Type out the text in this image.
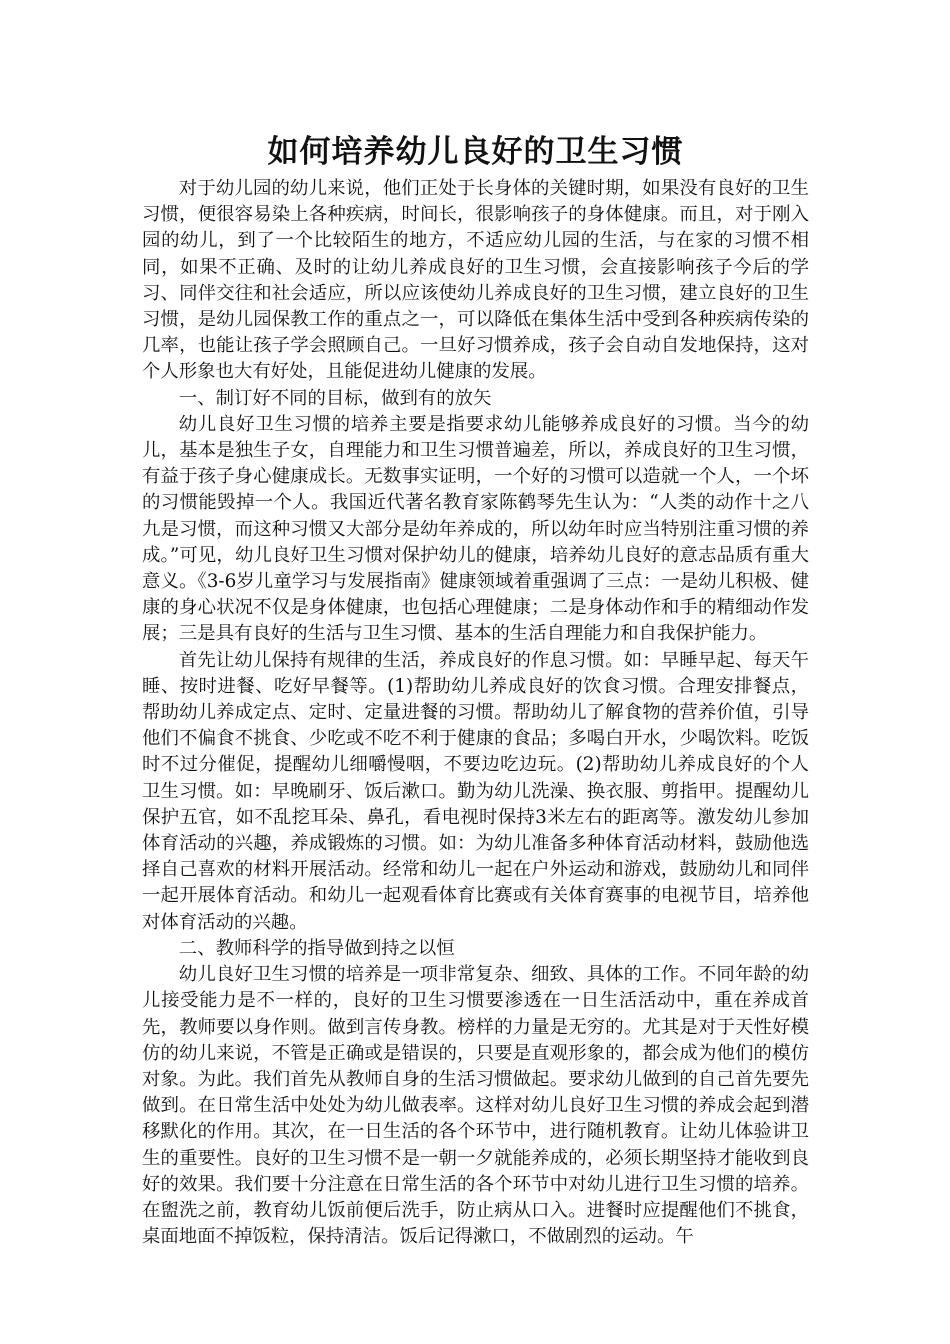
如何培养幼儿良好的卫生习惯

对于幼儿园的幼儿来说，他们正处于长身体的关键时期，如果没有良好的卫生习惯，便很容易染上各种疾病，时间长，很影响孩子的身体健康。而且，对于刚入园的幼儿，到了一个比较陌生的地方，不适应幼儿园的生活，与在家的习惯不相同，如果不正确、及时的让幼儿养成良好的卫生习惯，会直接影响孩子今后的学习、同伴交往和社会适应，所以应该使幼儿养成良好的卫生习惯，建立良好的卫生习惯，是幼儿园保教工作的重点之一，可以降低在集体生活中受到各种疾病传染的几率，也能让孩子学会照顾自己。一旦好习惯养成，孩子会自动自发地保持，这对个人形象也大有好处，且能促进幼儿健康的发展。

一、制订好不同的目标，做到有的放矢

幼儿良好卫生习惯的培养主要是指要求幼儿能够养成良好的习惯。当今的幼儿，基本是独生子女，自理能力和卫生习惯普遍差，所以，养成良好的卫生习惯，有益于孩子身心健康成长。无数事实证明，一个好的习惯可以造就一个人，一个坏的习惯能毁掉一个人。我国近代著名教育家陈鹤琴先生认为：“人类的动作十之八九是习惯，而这种习惯又大部分是幼年养成的，所以幼年时应当特别注重习惯的养成。”可见，幼儿良好卫生习惯对保护幼儿的健康，培养幼儿良好的意志品质有重大意义。《3-6岁儿童学习与发展指南》健康领域着重强调了三点：一是幼儿积极、健康的身心状况不仅是身体健康，也包括心理健康；二是身体动作和手的精细动作发展；三是具有良好的生活与卫生习惯、基本的生活自理能力和自我保护能力。

首先让幼儿保持有规律的生活，养成良好的作息习惯。如：早睡早起、每天午睡、按时进餐、吃好早餐等。(1)帮助幼儿养成良好的饮食习惯。合理安排餐点，帮助幼儿养成定点、定时、定量进餐的习惯。帮助幼儿了解食物的营养价值，引导他们不偏食不挑食、少吃或不吃不利于健康的食品；多喝白开水，少喝饮料。吃饭时不过分催促，提醒幼儿细嚼慢咽，不要边吃边玩。(2)帮助幼儿养成良好的个人卫生习惯。如：早晚刷牙、饭后漱口。勤为幼儿洗澡、换衣服、剪指甲。提醒幼儿保护五官，如不乱挖耳朵、鼻孔，看电视时保持3米左右的距离等。激发幼儿参加体育活动的兴趣，养成锻炼的习惯。如：为幼儿准备多种体育活动材料，鼓励他选择自己喜欢的材料开展活动。经常和幼儿一起在户外运动和游戏，鼓励幼儿和同伴一起开展体育活动。和幼儿一起观看体育比赛或有关体育赛事的电视节目，培养他对体育活动的兴趣。

二、教师科学的指导做到持之以恒

幼儿良好卫生习惯的培养是一项非常复杂、细致、具体的工作。不同年龄的幼儿接受能力是不一样的，良好的卫生习惯要渗透在一日生活活动中，重在养成首先，教师要以身作则。做到言传身教。榜样的力量是无穷的。尤其是对于天性好模仿的幼儿来说，不管是正确或是错误的，只要是直观形象的，都会成为他们的模仿对象。为此。我们首先从教师自身的生活习惯做起。要求幼儿做到的自己首先要先做到。在日常生活中处处为幼儿做表率。这样对幼儿良好卫生习惯的养成会起到潜移默化的作用。其次，在一日生活的各个环节中，进行随机教育。让幼儿体验讲卫生的重要性。良好的卫生习惯不是一朝一夕就能养成的，必须长期坚持才能收到良好的效果。我们要十分注意在日常生活的各个环节中对幼儿进行卫生习惯的培养。在盥洗之前，教育幼儿饭前便后洗手，防止病从口入。进餐时应提醒他们不挑食，桌面地面不掉饭粒，保持清洁。饭后记得漱口，不做剧烈的运动。午
